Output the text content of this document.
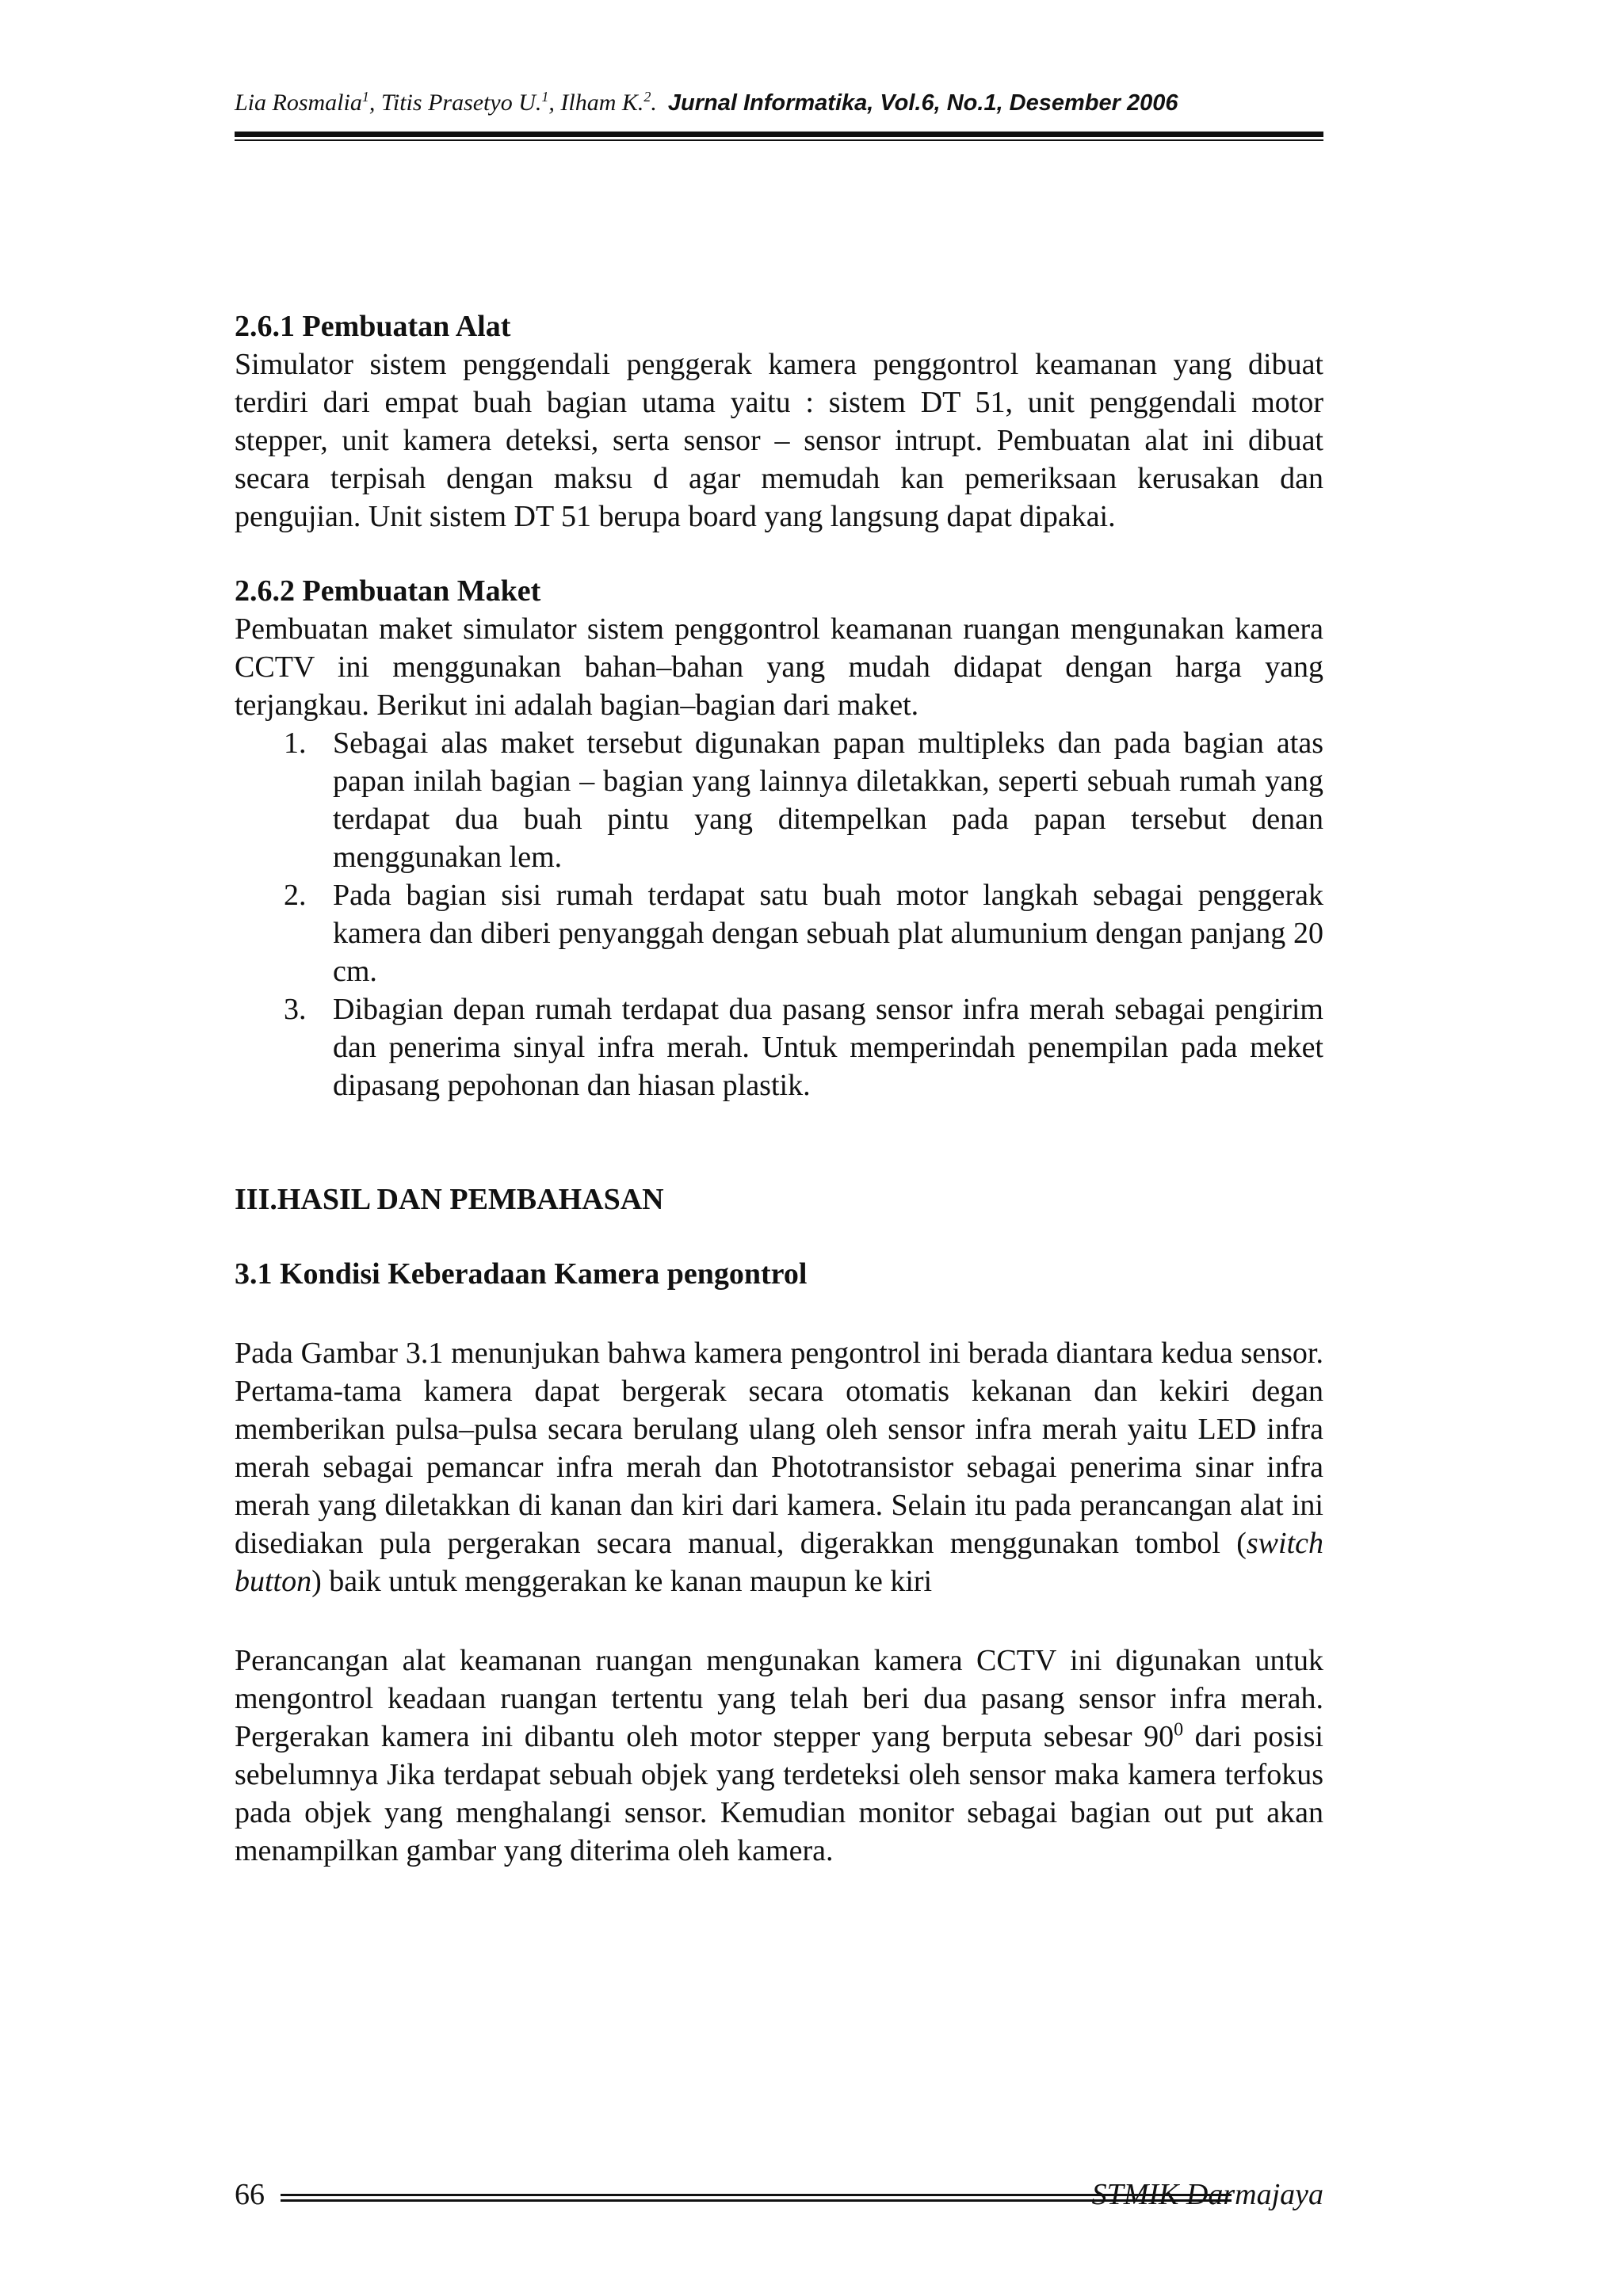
Lia Rosmalia$^1$, Titis Prasetyo U.$^1$, Ilham K.$^2$. Jurnal Informatika, Vol.6, No.1, Desember 2006
2.6.1 Pembuatan Alat

Simulator sistem penggendali penggerak kamera penggontrol keamanan yang dibuat terdiri dari empat buah bagian utama yaitu : sistem DT 51, unit penggendali motor stepper, unit kamera deteksi, serta sensor – sensor intrupt. Pembuatan alat ini dibuat secara terpisah dengan maksu d agar memudah kan pemeriksaan kerusakan dan pengujian. Unit sistem DT 51 berupa board yang langsung dapat dipakai.

2.6.2 Pembuatan Maket

Pembuatan maket simulator sistem penggontrol keamanan ruangan mengunakan kamera CCTV ini menggunakan bahan–bahan yang mudah didapat dengan harga yang terjangkau. Berikut ini adalah bagian–bagian dari maket.

1. Sebagai alas maket tersebut digunakan papan multipleks dan pada bagian atas papan inilah bagian – bagian yang lainnya diletakkan, seperti sebuah rumah yang terdapat dua buah pintu yang ditempelkan pada papan tersebut denan menggunakan lem.
2. Pada bagian sisi rumah terdapat satu buah motor langkah sebagai penggerak kamera dan diberi penyanggah dengan sebuah plat alumunium dengan panjang 20 cm.
3. Dibagian depan rumah terdapat dua pasang sensor infra merah sebagai pengirim dan penerima sinyal infra merah. Untuk memperindah penempilan pada meket dipasang pepohonan dan hiasan plastik.

III.HASIL DAN PEMBAHASAN

3.1 Kondisi Keberadaan Kamera pengontrol

Pada Gambar 3.1 menunjukan bahwa kamera pengontrol ini berada diantara kedua sensor. Pertama-tama kamera dapat bergerak secara otomatis kekanan dan kekiri degan memberikan pulsa–pulsa secara berulang ulang oleh sensor infra merah yaitu LED infra merah sebagai pemancar infra merah dan Phototransistor sebagai penerima sinar infra merah yang diletakkan di kanan dan kiri dari kamera. Selain itu pada perancangan alat ini disediakan pula pergerakan secara manual, digerakkan menggunakan tombol (switch button) baik untuk menggerakan ke kanan maupun ke kiri

Perancangan alat keamanan ruangan mengunakan kamera CCTV ini digunakan untuk mengontrol keadaan ruangan tertentu yang telah beri dua pasang sensor infra merah. Pergerakan kamera ini dibantu oleh motor stepper yang berputa sebesar $90^0$ dari posisi sebelumnya Jika terdapat sebuah objek yang terdeteksi oleh sensor maka kamera terfokus pada objek yang menghalangi sensor. Kemudian monitor sebagai bagian out put akan menampilkan gambar yang diterima oleh kamera.

66	STMIK Darmajaya
